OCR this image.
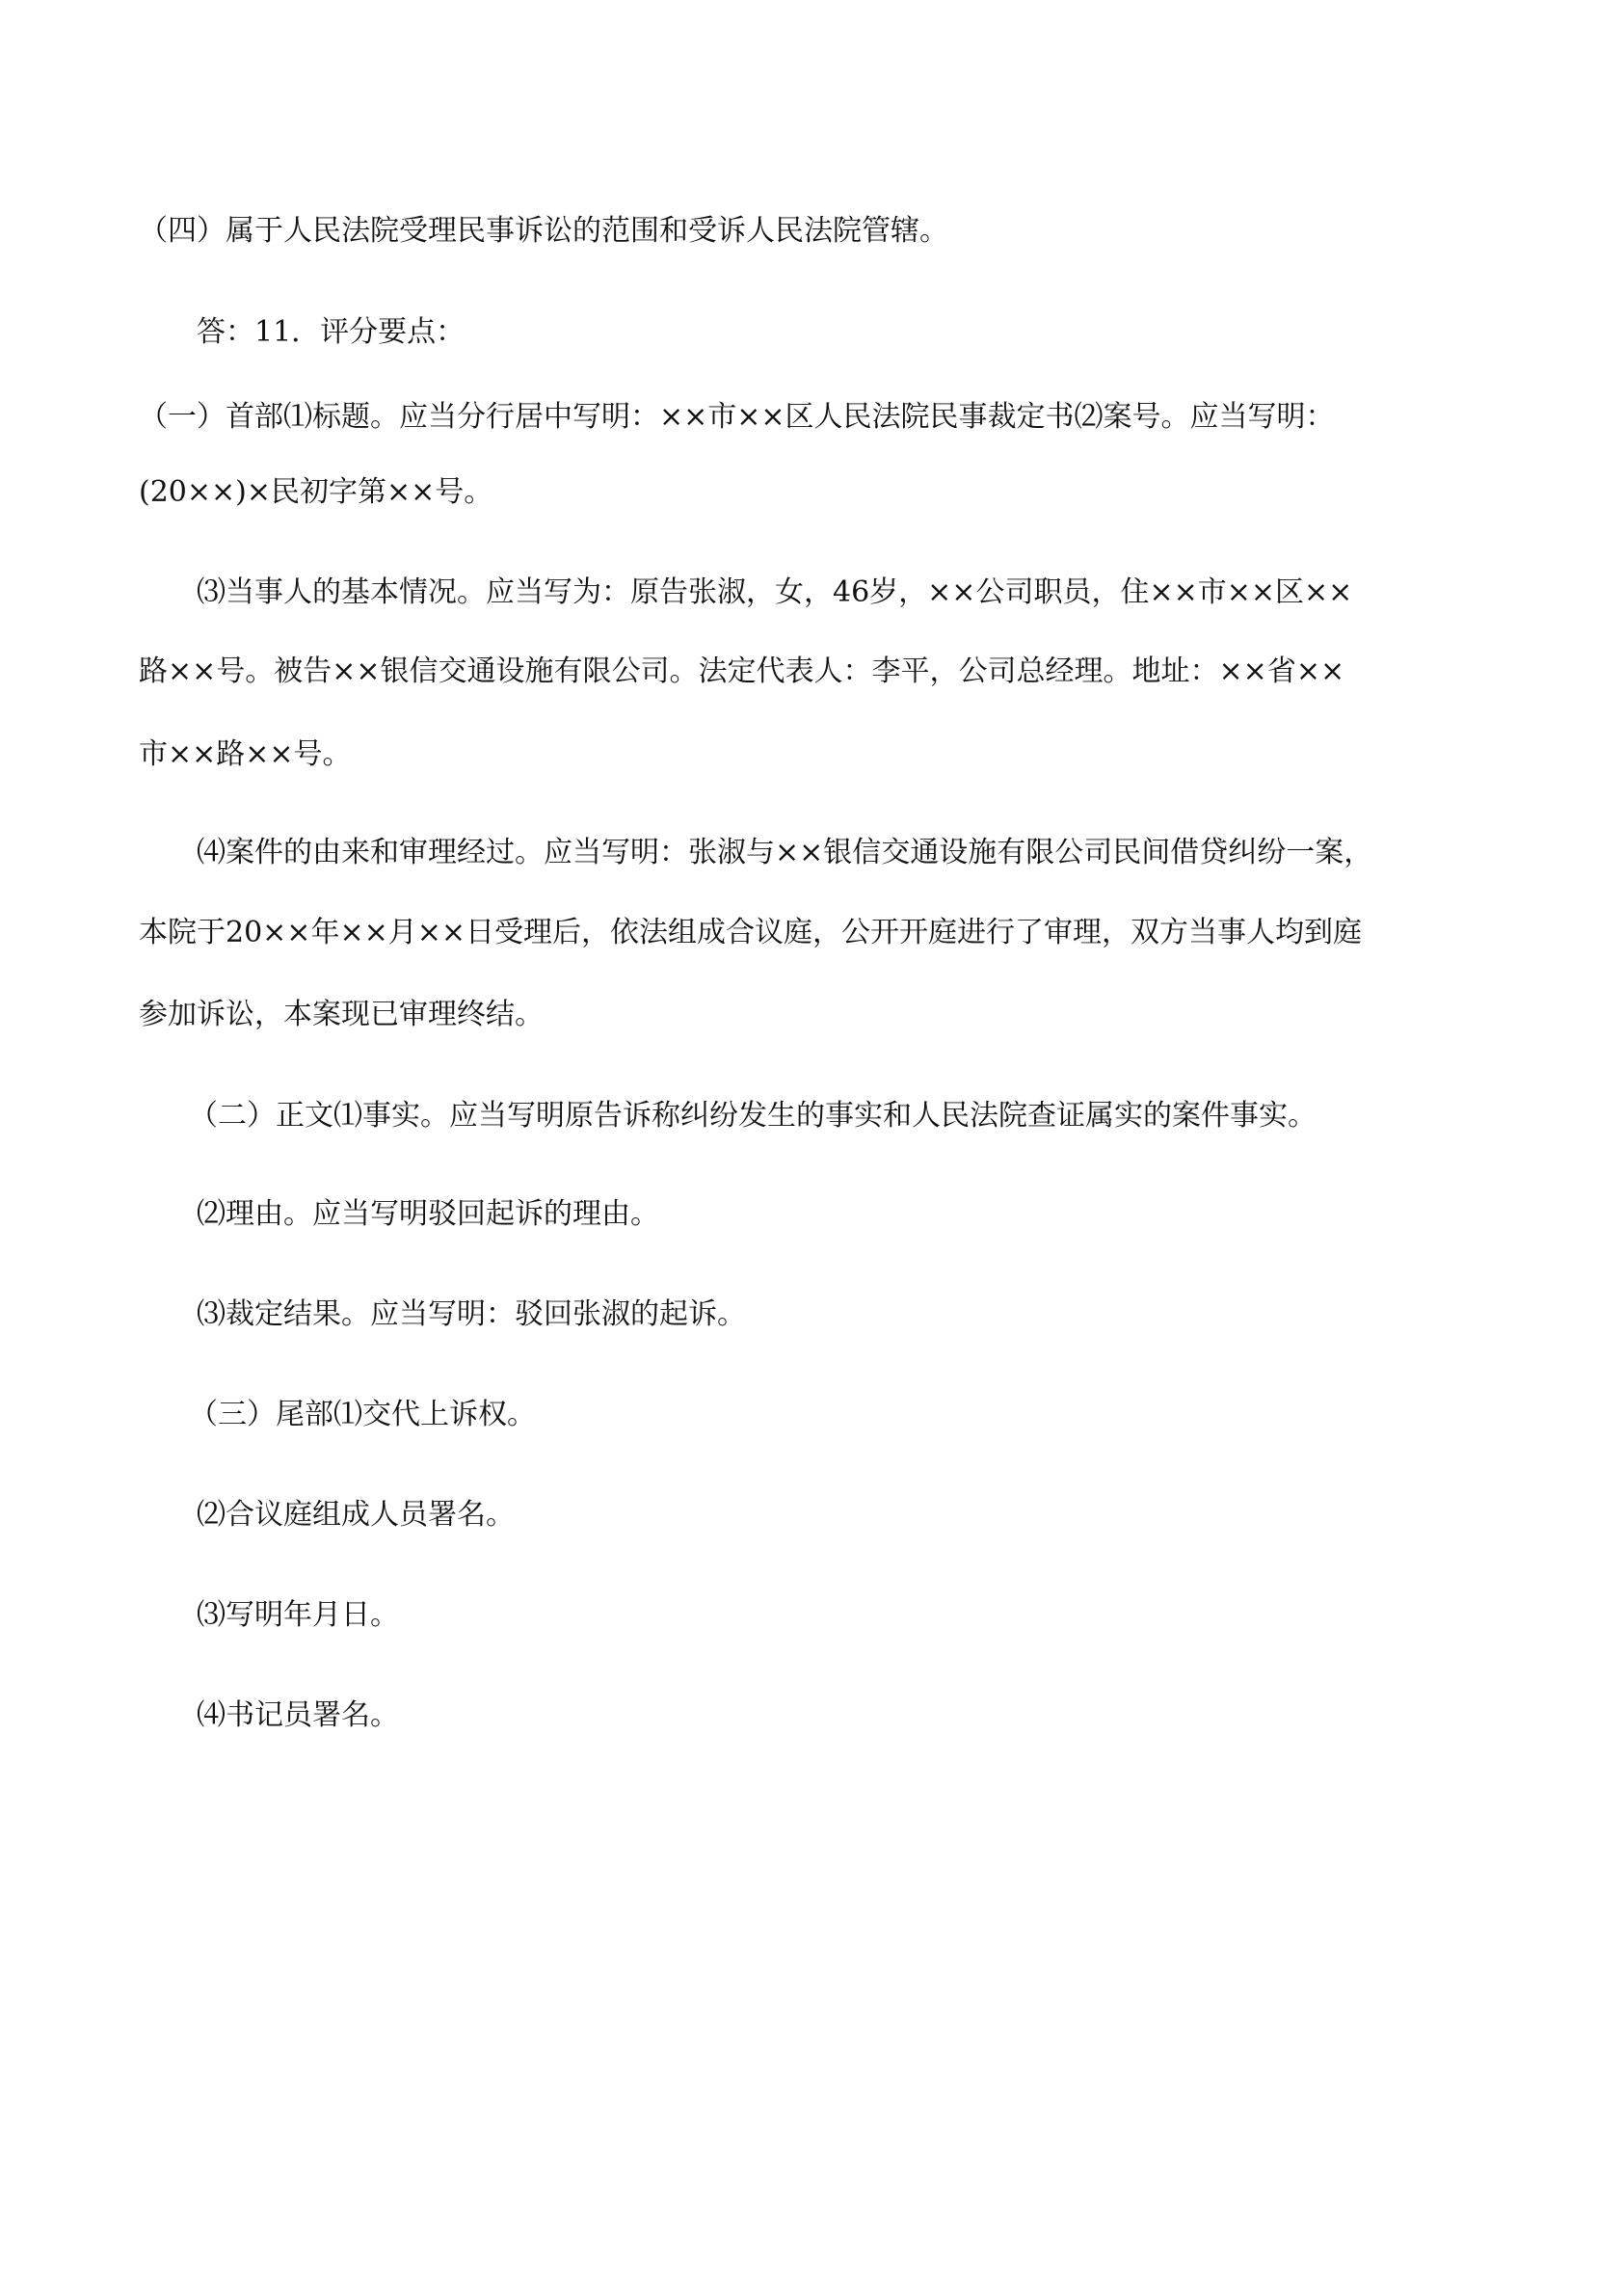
（四）属于人民法院受理民事诉讼的范围和受诉人民法院管辖。
答：11．评分要点：
（一）首部⑴标题。应当分行居中写明：××市××区人民法院民事裁定书⑵案号。应当写明：
(20××)×民初字第××号。
⑶当事人的基本情况。应当写为：原告张淑，女，46岁，××公司职员，住××市××区××
路××号。被告××银信交通设施有限公司。法定代表人：李平，公司总经理。地址：××省××
市××路××号。
⑷案件的由来和审理经过。应当写明：张淑与××银信交通设施有限公司民间借贷纠纷一案，
本院于20××年××月××日受理后，依法组成合议庭，公开开庭进行了审理，双方当事人均到庭
参加诉讼，本案现已审理终结。
（二）正文⑴事实。应当写明原告诉称纠纷发生的事实和人民法院查证属实的案件事实。
⑵理由。应当写明驳回起诉的理由。
⑶裁定结果。应当写明：驳回张淑的起诉。
（三）尾部⑴交代上诉权。
⑵合议庭组成人员署名。
⑶写明年月日。
⑷书记员署名。
